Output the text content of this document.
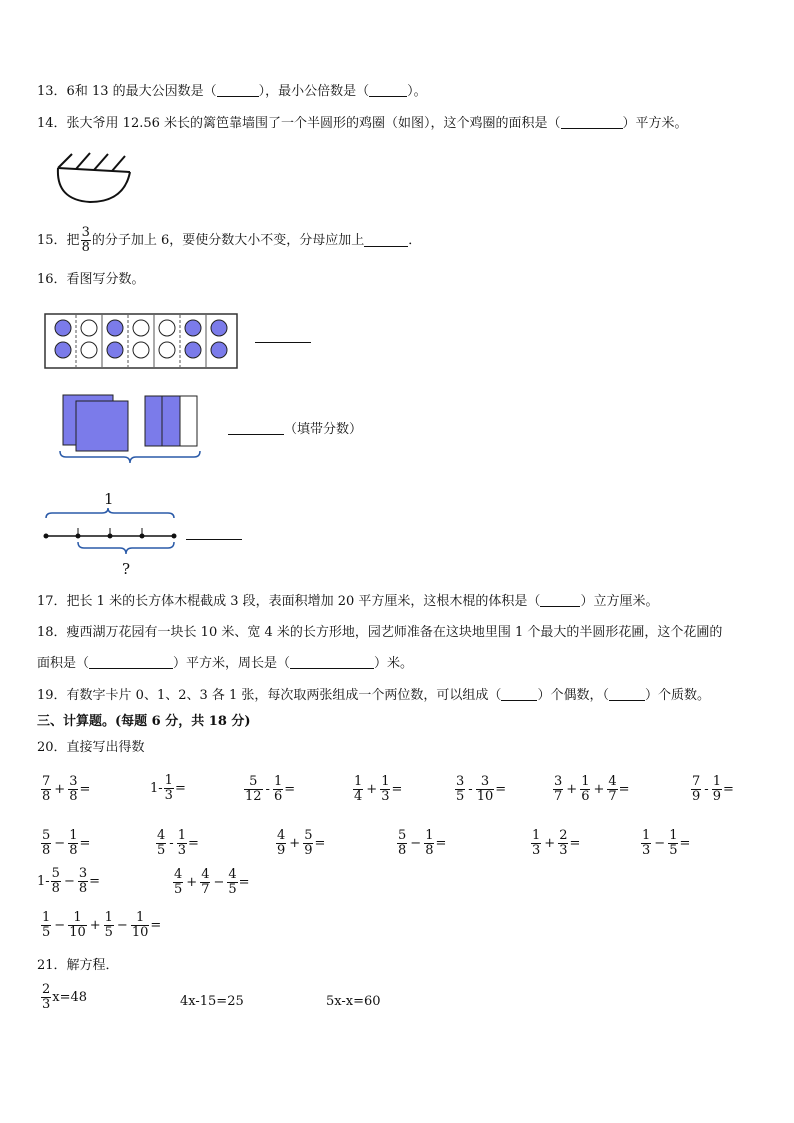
13．6和 13 的最大公因数是（	），最小公倍数是（	）。
14．张大爷用 12.56 米长的篱笆靠墙围了一个半圆形的鸡圈（如图），这个鸡圈的面积是（	）平方米。
15． 把 $\frac{3}{8}$ 的分子加上 6，要使分数大小不变，分母应加上	．
16．看图写分数。
（填带分数）
1
?
17．把长 1 米的长方体木棍截成 3 段，表面积增加 20 平方厘米，这根木棍的体积是（	）立方厘米。
18．瘦西湖万花园有一块长 10 米、宽 4 米的长方形地，园艺师准备在这块地里围 1 个最大的半圆形花圃，这个花圃的
面积是（	）平方米，周长是（	）米。
19．有数字卡片 0、1、2、3 各 1 张，每次取两张组成一个两位数，可以组成（	）个偶数，（	）个质数。
三、计算题。(每题 6 分，共 18 分)
20．直接写出得数
$\frac{7}{8} + \frac{3}{8}$ =	$1- \frac{1}{3}$ =	$\frac{5}{12} - \frac{1}{6}$ =	$\frac{1}{4} + \frac{1}{3}$ =	$\frac{3}{5} - \frac{3}{10}$ =	$\frac{3}{7} + \frac{1}{6} + \frac{4}{7}$ =	$\frac{7}{9} - \frac{1}{9}$ =
$\frac{5}{8} - \frac{1}{8}$ =	$\frac{4}{5} - \frac{1}{3}$ =	$\frac{4}{9} + \frac{5}{9}$ =	$\frac{5}{8} - \frac{1}{8}$ =	$\frac{1}{3} + \frac{2}{3}$ =	$\frac{1}{3} - \frac{1}{5}$ =
$1- \frac{5}{8} - \frac{3}{8}$ =	$\frac{4}{5} + \frac{4}{7} - \frac{4}{5}$ =
$\frac{1}{5} - \frac{1}{10} + \frac{1}{5} - \frac{1}{10}$ =
21．解方程．
$\frac{2}{3} x=48$	4x-15=25	5x-x=60
